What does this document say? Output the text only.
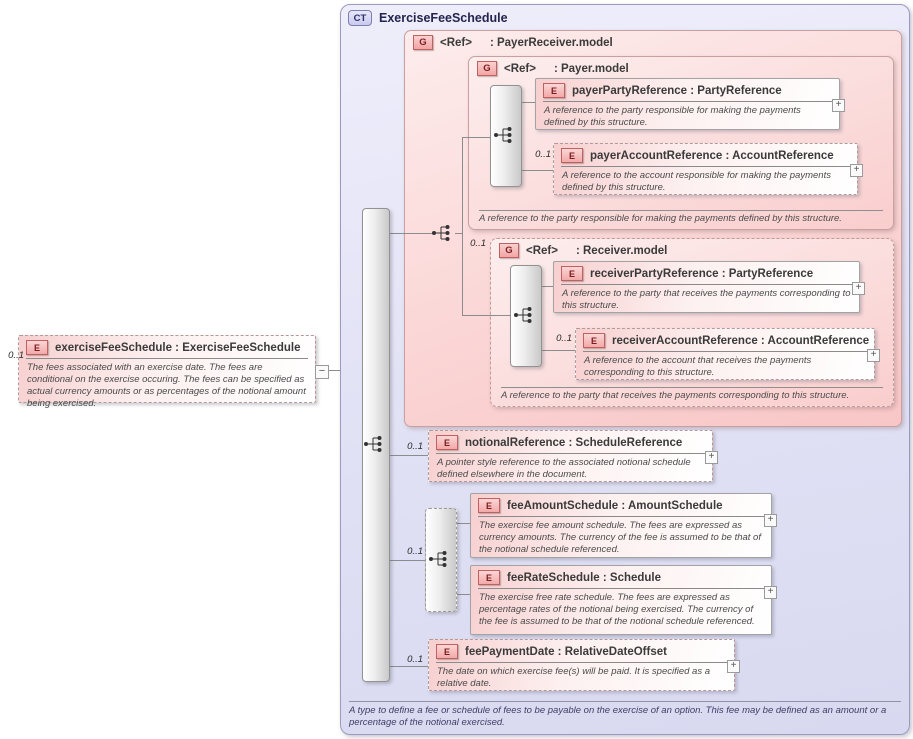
CT	ExerciseFeeSchedule
A type to define a fee or schedule of fees to be payable on the exercise of an option. This fee may be defined as an amount or a percentage of the notional exercised.
G	<Ref> : PayerReceiver.model
G	<Ref> : Payer.model
A reference to the party responsible for making the payments defined by this structure.
G	<Ref> : Receiver.model
A reference to the party that receives the payments corresponding to this structure.
0..1
0..1
0..1
0..1
0..1
0..1
0..1
E	exerciseFeeSchedule : ExerciseFeeSchedule
The fees associated with an exercise date. The fees are conditional on the exercise occuring. The fees can be specified as actual currency amounts or as percentages of the notional amount being exercised.
−
E	payerPartyReference : PartyReference
A reference to the party responsible for making the payments defined by this structure.
+
E	payerAccountReference : AccountReference
A reference to the account responsible for making the payments defined by this structure.
+
E	receiverPartyReference : PartyReference
A reference to the party that receives the payments corresponding to this structure.
+
E	receiverAccountReference : AccountReference
A reference to the account that receives the payments corresponding to this structure.
+
E	notionalReference : ScheduleReference
A pointer style reference to the associated notional schedule defined elsewhere in the document.
+
E	feeAmountSchedule : AmountSchedule
The exercise fee amount schedule. The fees are expressed as currency amounts. The currency of the fee is assumed to be that of the notional schedule referenced.
+
E	feeRateSchedule : Schedule
The exercise free rate schedule. The fees are expressed as percentage rates of the notional being exercised. The currency of the fee is assumed to be that of the notional schedule referenced.
+
E	feePaymentDate : RelativeDateOffset
The date on which exercise fee(s) will be paid. It is specified as a relative date.
+
